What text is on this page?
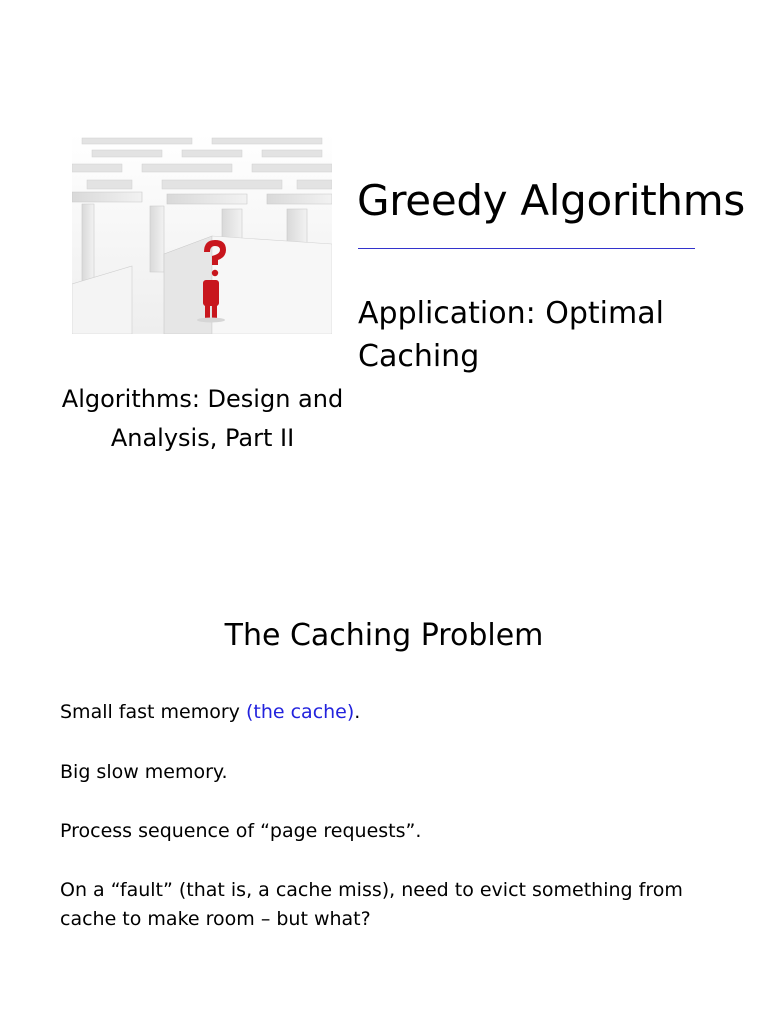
Greedy Algorithms
Application: Optimal Caching

Algorithms: Design and Analysis, Part II

The Caching Problem

Small fast memory (the cache).

Big slow memory.

Process sequence of “page requests”.

On a “fault” (that is, a cache miss), need to evict something from cache to make room – but what?
